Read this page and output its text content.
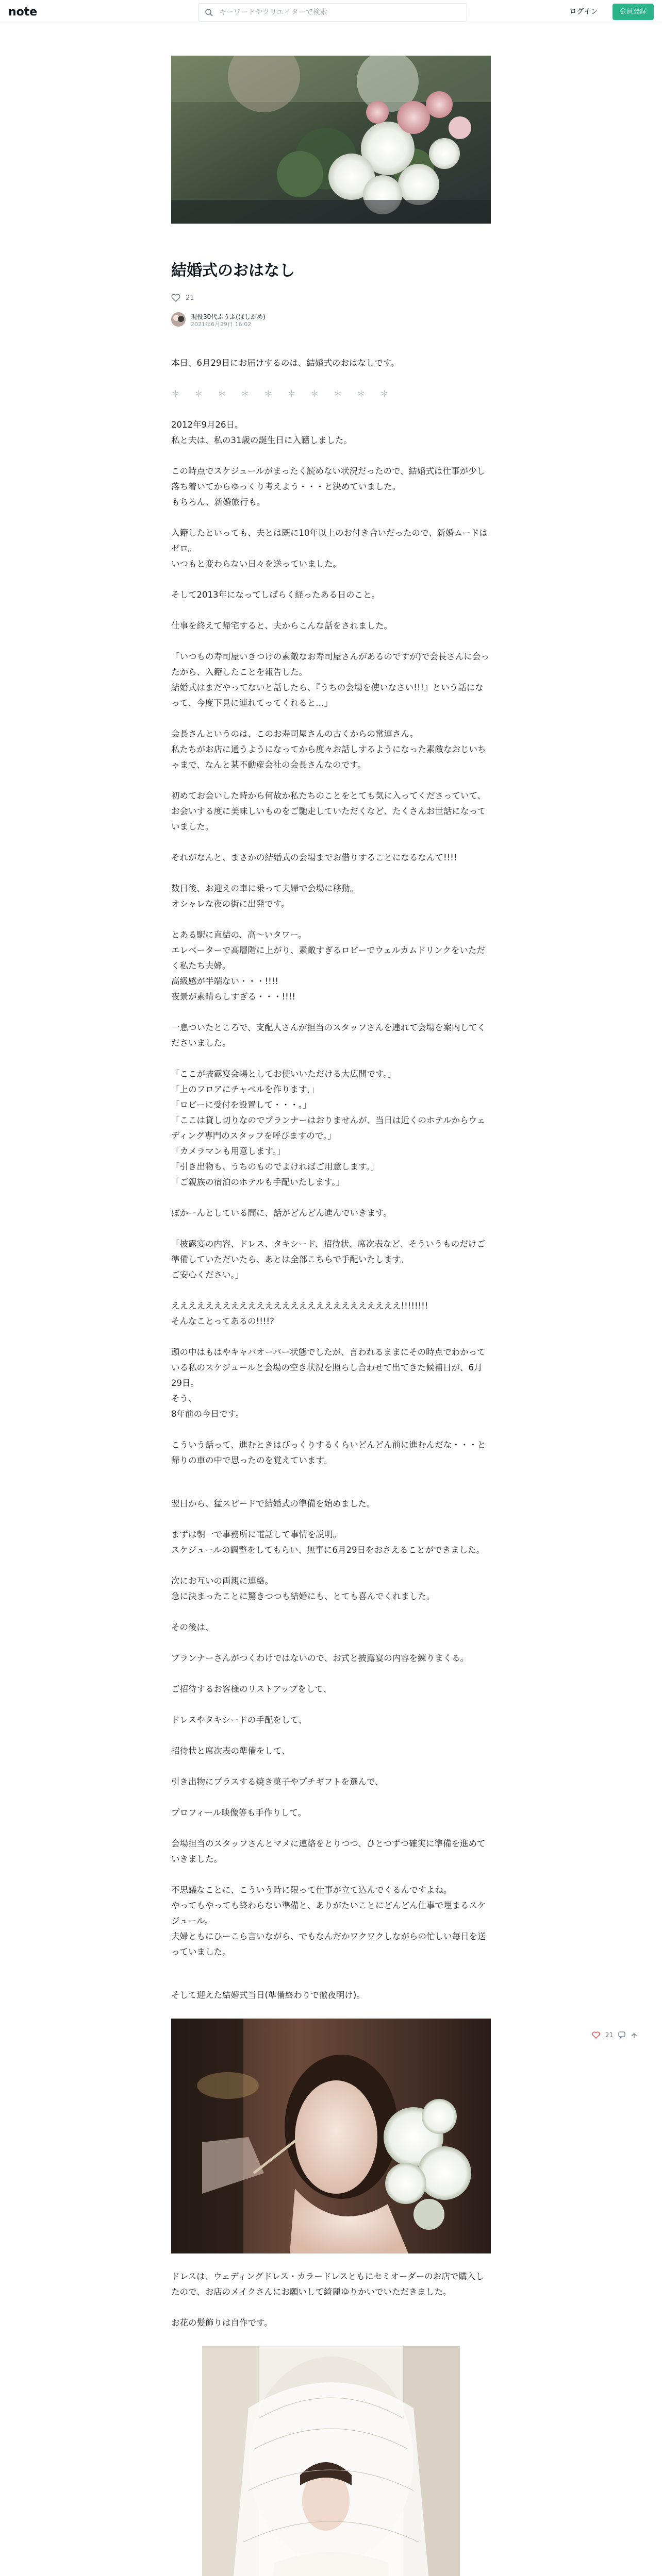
note	キーワードやクリエイターで検索	ログイン	会員登録
結婚式のおはなし
21
現役30代ふうふ(ほしがめ)
2021年6月29日 16:02

本日、6月29日にお届けするのは、結婚式のおはなしです。

＊　＊　＊　＊　＊　＊　＊　＊　＊　＊

2012年9月26日。
私と夫は、私の31歳の誕生日に入籍しました。

この時点でスケジュールがまったく読めない状況だったので、結婚式は仕事が少し落ち着いてからゆっくり考えよう・・・と決めていました。
もちろん、新婚旅行も。

入籍したといっても、夫とは既に10年以上のお付き合いだったので、新婚ムードはゼロ。
いつもと変わらない日々を送っていました。

そして2013年になってしばらく経ったある日のこと。

仕事を終えて帰宅すると、夫からこんな話をされました。

「いつもの寿司屋いきつけの素敵なお寿司屋さんがあるのですが)で会長さんに会ったから、入籍したことを報告した。
結婚式はまだやってないと話したら、『うちの会場を使いなさい!!!』という話になって、今度下見に連れてってくれると…」

会長さんというのは、このお寿司屋さんの古くからの常連さん。
私たちがお店に通うようになってから度々お話しするようになった素敵なおじいちゃまで、なんと某不動産会社の会長さんなのです。

初めてお会いした時から何故か私たちのことをとても気に入ってくださっていて、お会いする度に美味しいものをご馳走していただくなど、たくさんお世話になっていました。

それがなんと、まさかの結婚式の会場までお借りすることになるなんて!!!!

数日後、お迎えの車に乗って夫婦で会場に移動。
オシャレな夜の街に出発です。

とある駅に直結の、高〜いタワー。
エレベーターで高層階に上がり、素敵すぎるロビーでウェルカムドリンクをいただく私たち夫婦。
高級感が半端ない・・・!!!!
夜景が素晴らしすぎる・・・!!!!

一息ついたところで、支配人さんが担当のスタッフさんを連れて会場を案内してくださいました。

「ここが披露宴会場としてお使いいただける大広間です。」
「上のフロアにチャペルを作ります。」
「ロビーに受付を設置して・・・。」
「ここは貸し切りなのでプランナーはおりませんが、当日は近くのホテルからウェディング専門のスタッフを呼びますので。」
「カメラマンも用意します。」
「引き出物も、うちのものでよければご用意します。」
「ご親族の宿泊のホテルも手配いたします。」

ぽかーんとしている間に、話がどんどん進んでいきます。

「披露宴の内容、ドレス、タキシード、招待状、席次表など、そういうものだけご準備していただいたら、あとは全部こちらで手配いたします。
ご安心ください。」

えええええええええええええええええええええええええええ!!!!!!!!
そんなことってあるの!!!!?

頭の中はもはやキャパオーバー状態でしたが、言われるままにその時点でわかっている私のスケジュールと会場の空き状況を照らし合わせて出てきた候補日が、6月29日。
そう、
8年前の今日です。

こういう話って、進むときはびっくりするくらいどんどん前に進むんだな・・・と帰りの車の中で思ったのを覚えています。

翌日から、猛スピードで結婚式の準備を始めました。

まずは朝一で事務所に電話して事情を説明。
スケジュールの調整をしてもらい、無事に6月29日をおさえることができました。

次にお互いの両親に連絡。
急に決まったことに驚きつつも結婚にも、とても喜んでくれました。

その後は、

プランナーさんがつくわけではないので、お式と披露宴の内容を練りまくる。

ご招待するお客様のリストアップをして、

ドレスやタキシードの手配をして、

招待状と席次表の準備をして、

引き出物にプラスする焼き菓子やプチギフトを選んで、

プロフィール映像等も手作りして。

会場担当のスタッフさんとマメに連絡をとりつつ、ひとつずつ確実に準備を進めていきました。

不思議なことに、こういう時に限って仕事が立て込んでくるんですよね。
やってもやっても終わらない準備と、ありがたいことにどんどん仕事で埋まるスケジュール。
夫婦ともにひーこら言いながら、でもなんだかワクワクしながらの忙しい毎日を送っていました。

そして迎えた結婚式当日(準備終わりで徹夜明け)。

ドレスは、ウェディングドレス・カラードレスともにセミオーダーのお店で購入したので、お店のメイクさんにお願いして綺麗ゆりかいでいただきました。

お花の髪飾りは自作です。

21
